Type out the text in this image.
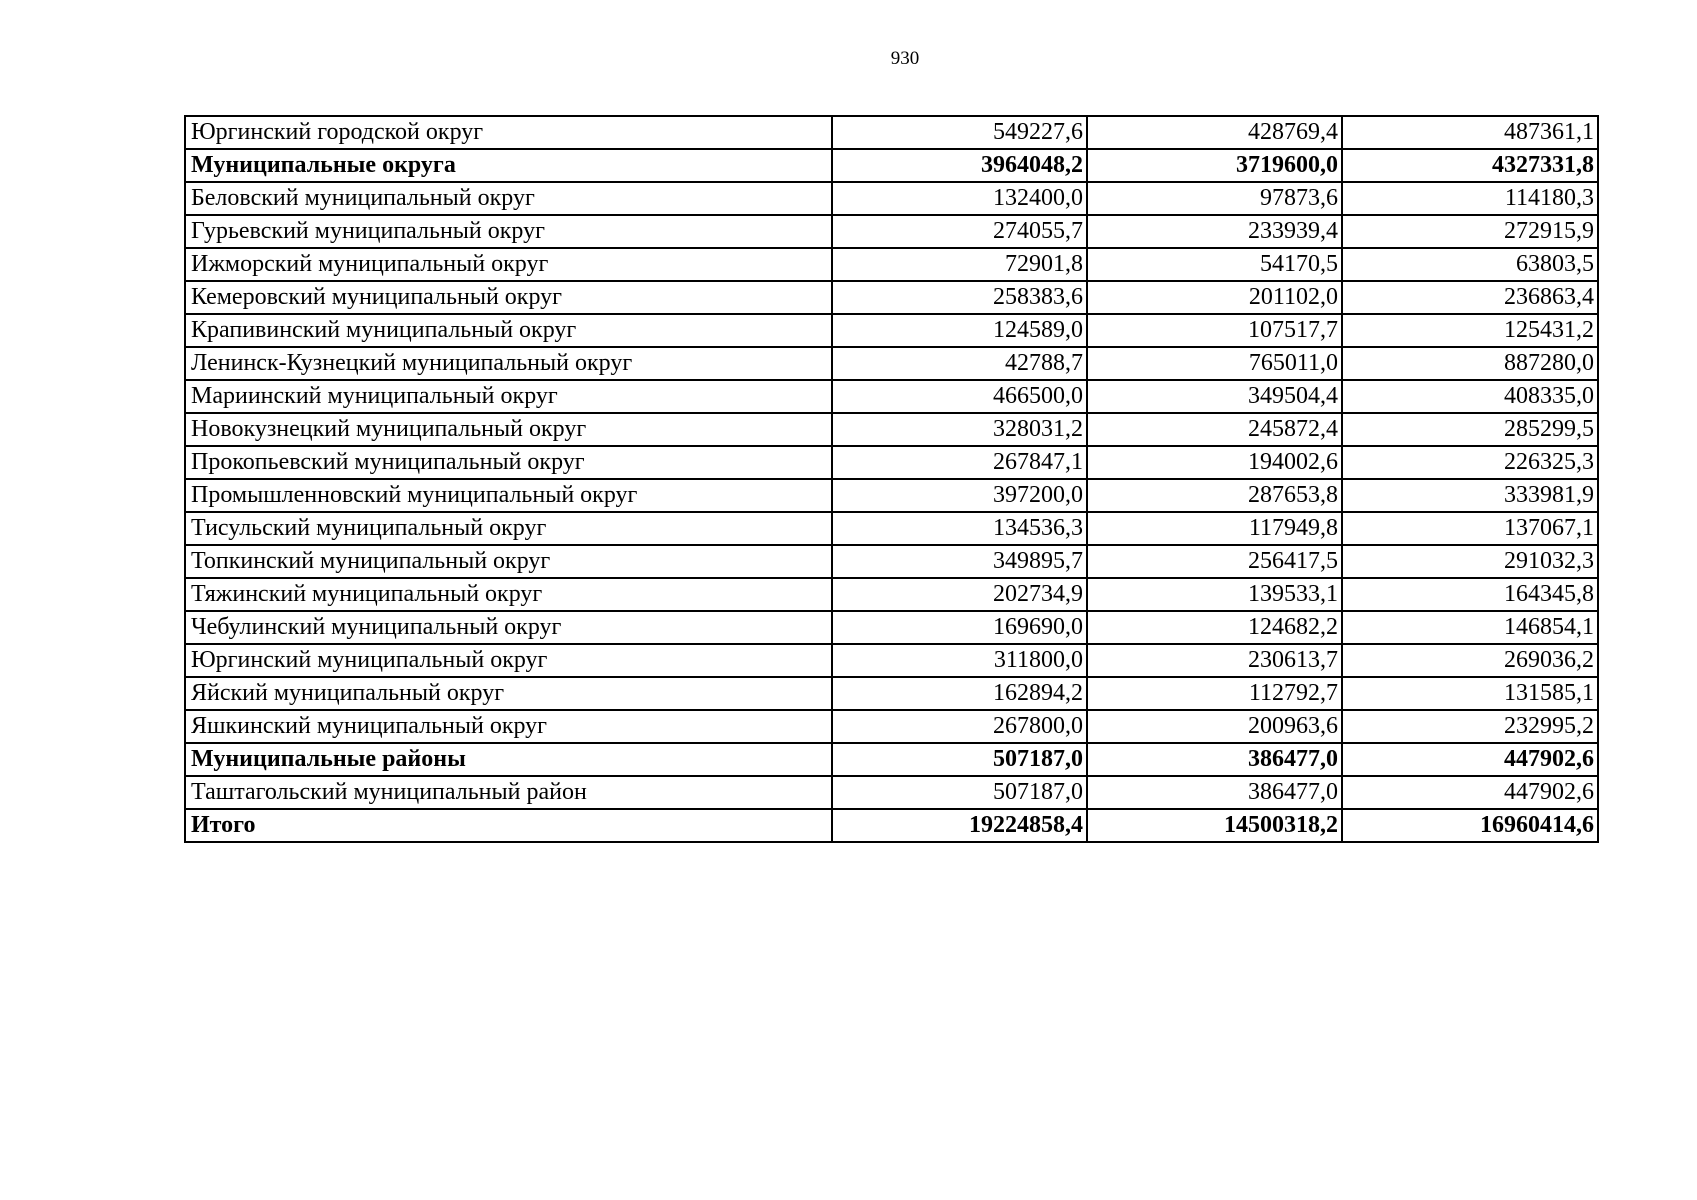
930
Юргинский городской округ	549227,6	428769,4	487361,1
Муниципальные округа	3964048,2	3719600,0	4327331,8
Беловский муниципальный округ	132400,0	97873,6	114180,3
Гурьевский муниципальный округ	274055,7	233939,4	272915,9
Ижморский муниципальный округ	72901,8	54170,5	63803,5
Кемеровский муниципальный округ	258383,6	201102,0	236863,4
Крапивинский муниципальный округ	124589,0	107517,7	125431,2
Ленинск-Кузнецкий муниципальный округ	42788,7	765011,0	887280,0
Мариинский муниципальный округ	466500,0	349504,4	408335,0
Новокузнецкий муниципальный округ	328031,2	245872,4	285299,5
Прокопьевский муниципальный округ	267847,1	194002,6	226325,3
Промышленновский муниципальный округ	397200,0	287653,8	333981,9
Тисульский муниципальный округ	134536,3	117949,8	137067,1
Топкинский муниципальный округ	349895,7	256417,5	291032,3
Тяжинский муниципальный округ	202734,9	139533,1	164345,8
Чебулинский муниципальный округ	169690,0	124682,2	146854,1
Юргинский муниципальный округ	311800,0	230613,7	269036,2
Яйский муниципальный округ	162894,2	112792,7	131585,1
Яшкинский муниципальный округ	267800,0	200963,6	232995,2
Муниципальные районы	507187,0	386477,0	447902,6
Таштагольский муниципальный район	507187,0	386477,0	447902,6
Итого	19224858,4	14500318,2	16960414,6
